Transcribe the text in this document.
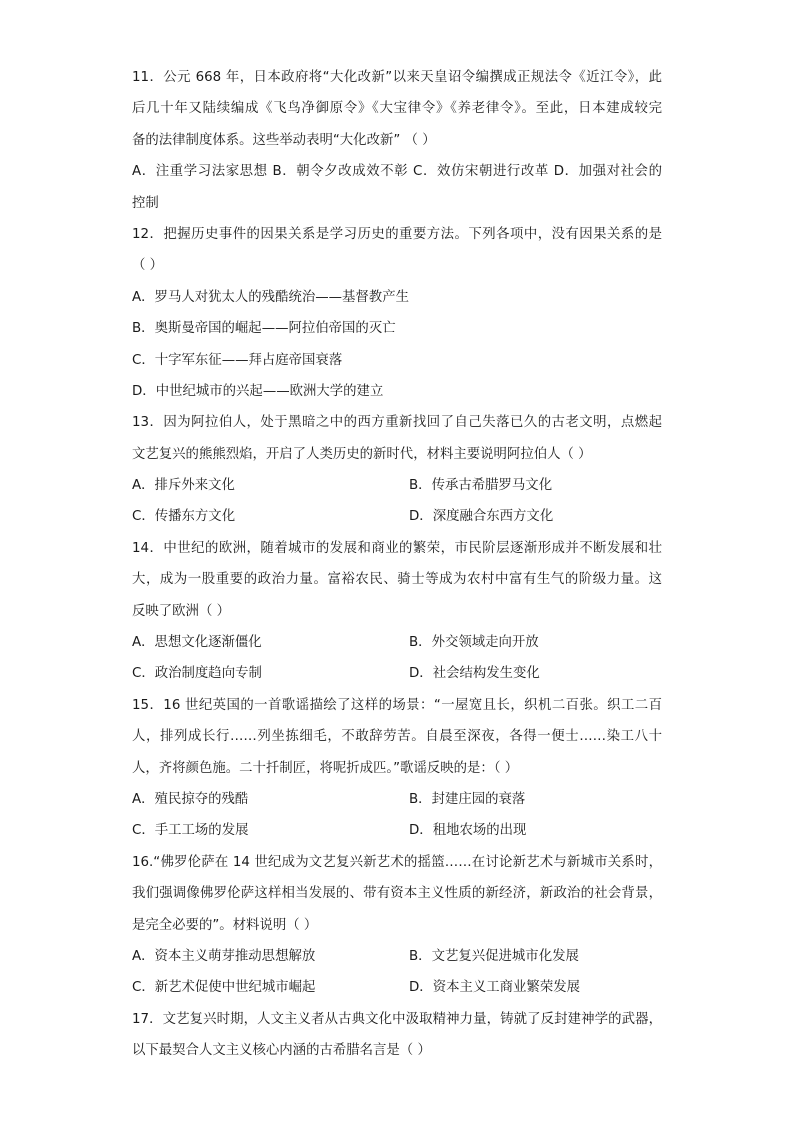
11．公元 668 年，日本政府将“大化改新”以来天皇诏令编撰成正规法令《近江令》，此
后几十年又陆续编成《飞鸟净御原令》《大宝律令》《养老律令》。至此，日本建成较完
备的法律制度体系。这些举动表明“大化改新” （ ）
A．注重学习法家思想 B．朝令夕改成效不彰 C．效仿宋朝进行改革 D．加强对社会的
控制
12．把握历史事件的因果关系是学习历史的重要方法。下列各项中，没有因果关系的是
（ ）
A．罗马人对犹太人的残酷统治——基督教产生
B．奥斯曼帝国的崛起——阿拉伯帝国的灭亡
C．十字军东征——拜占庭帝国衰落
D．中世纪城市的兴起——欧洲大学的建立
13．因为阿拉伯人，处于黑暗之中的西方重新找回了自己失落已久的古老文明，点燃起
文艺复兴的熊熊烈焰，开启了人类历史的新时代，材料主要说明阿拉伯人（ ）
A．排斥外来文化	B．传承古希腊罗马文化
C．传播东方文化	D．深度融合东西方文化
14．中世纪的欧洲，随着城市的发展和商业的繁荣，市民阶层逐渐形成并不断发展和壮
大，成为一股重要的政治力量。富裕农民、骑士等成为农村中富有生气的阶级力量。这
反映了欧洲（ ）
A．思想文化逐渐僵化	B．外交领域走向开放
C．政治制度趋向专制	D．社会结构发生变化
15．16 世纪英国的一首歌谣描绘了这样的场景：“一屋宽且长，织机二百张。织工二百
人，排列成长行……列坐拣细毛，不敢辞劳苦。自晨至深夜，各得一便士……染工八十
人，齐将颜色施。二十扦制匠，将呢折成匹。”歌谣反映的是：（ ）
A．殖民掠夺的残酷	B．封建庄园的衰落
C．手工工场的发展	D．租地农场的出现
16.“佛罗伦萨在 14 世纪成为文艺复兴新艺术的摇篮……在讨论新艺术与新城市关系时，
我们强调像佛罗伦萨这样相当发展的、带有资本主义性质的新经济，新政治的社会背景，
是完全必要的”。材料说明（ ）
A．资本主义萌芽推动思想解放	B．文艺复兴促进城市化发展
C．新艺术促使中世纪城市崛起	D．资本主义工商业繁荣发展
17．文艺复兴时期，人文主义者从古典文化中汲取精神力量，铸就了反封建神学的武器，
以下最契合人文主义核心内涵的古希腊名言是（ ）
